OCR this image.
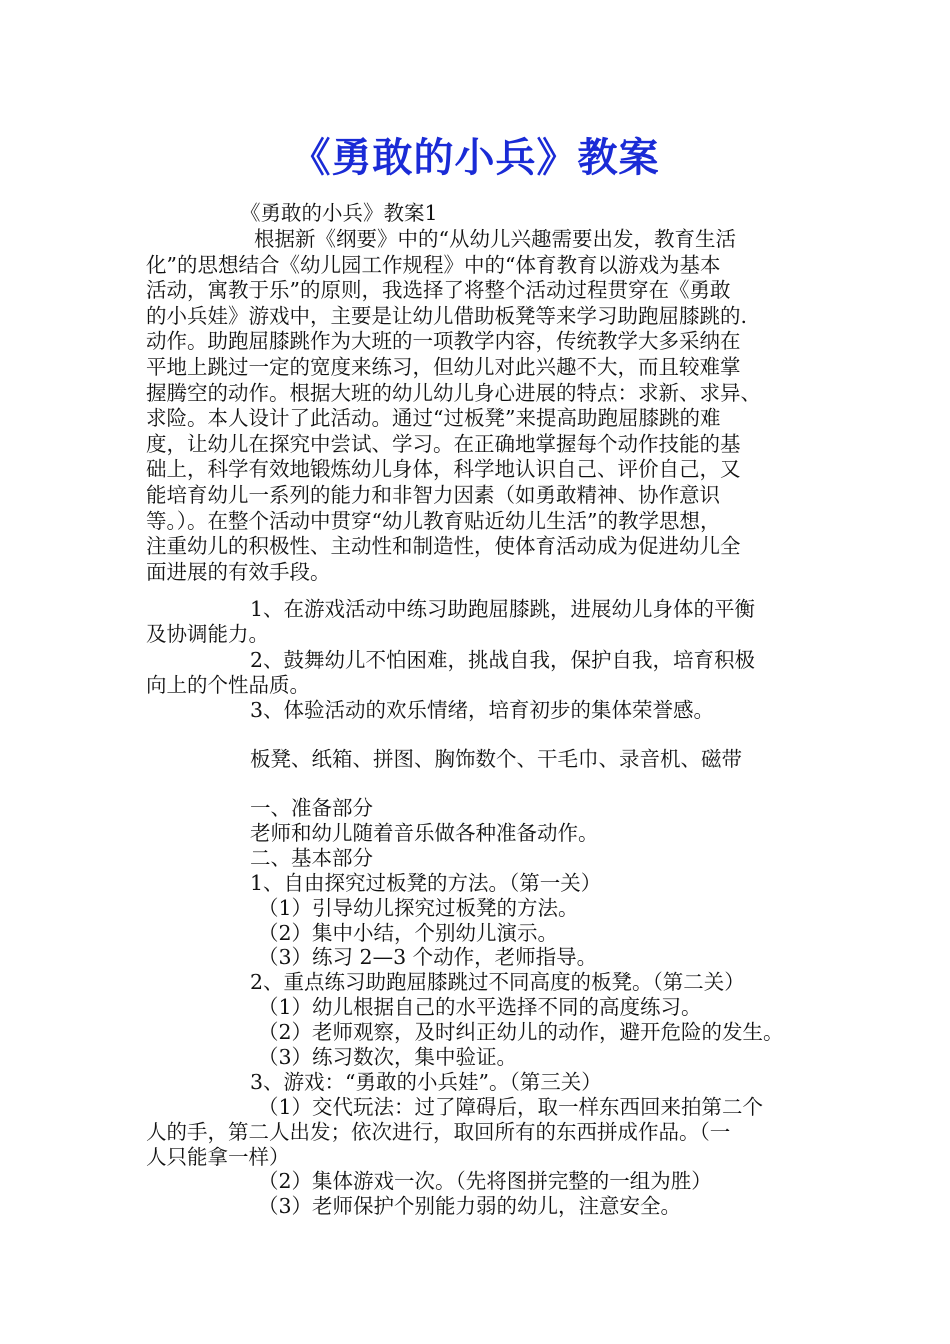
《勇敢的小兵》教案
《勇敢的小兵》教案1
根据新《纲要》中的“从幼儿兴趣需要出发，教育生活
化”的思想结合《幼儿园工作规程》中的“体育教育以游戏为基本
活动，寓教于乐”的原则，我选择了将整个活动过程贯穿在《勇敢
的小兵娃》游戏中，主要是让幼儿借助板凳等来学习助跑屈膝跳的.
动作。助跑屈膝跳作为大班的一项教学内容，传统教学大多采纳在
平地上跳过一定的宽度来练习，但幼儿对此兴趣不大，而且较难掌
握腾空的动作。根据大班的幼儿幼儿身心进展的特点：求新、求异、
求险。本人设计了此活动。通过“过板凳”来提高助跑屈膝跳的难
度，让幼儿在探究中尝试、学习。在正确地掌握每个动作技能的基
础上，科学有效地锻炼幼儿身体，科学地认识自己、评价自己，又
能培育幼儿一系列的能力和非智力因素（如勇敢精神、协作意识
等。）。在整个活动中贯穿“幼儿教育贴近幼儿生活”的教学思想，
注重幼儿的积极性、主动性和制造性，使体育活动成为促进幼儿全
面进展的有效手段。
1、在游戏活动中练习助跑屈膝跳，进展幼儿身体的平衡
及协调能力。
2、鼓舞幼儿不怕困难，挑战自我，保护自我，培育积极
向上的个性品质。
3、体验活动的欢乐情绪，培育初步的集体荣誉感。
板凳、纸箱、拼图、胸饰数个、干毛巾、录音机、磁带
一、准备部分
老师和幼儿随着音乐做各种准备动作。
二、基本部分
1、自由探究过板凳的方法。（第一关）
（1）引导幼儿探究过板凳的方法。
（2）集中小结，个别幼儿演示。
（3）练习 2—3 个动作，老师指导。
2、重点练习助跑屈膝跳过不同高度的板凳。（第二关）
（1）幼儿根据自己的水平选择不同的高度练习。
（2）老师观察，及时纠正幼儿的动作，避开危险的发生。
（3）练习数次，集中验证。
3、游戏：“勇敢的小兵娃”。（第三关）
（1）交代玩法：过了障碍后，取一样东西回来拍第二个
人的手，第二人出发；依次进行，取回所有的东西拼成作品。（一
人只能拿一样）
（2）集体游戏一次。（先将图拼完整的一组为胜）
（3）老师保护个别能力弱的幼儿，注意安全。
